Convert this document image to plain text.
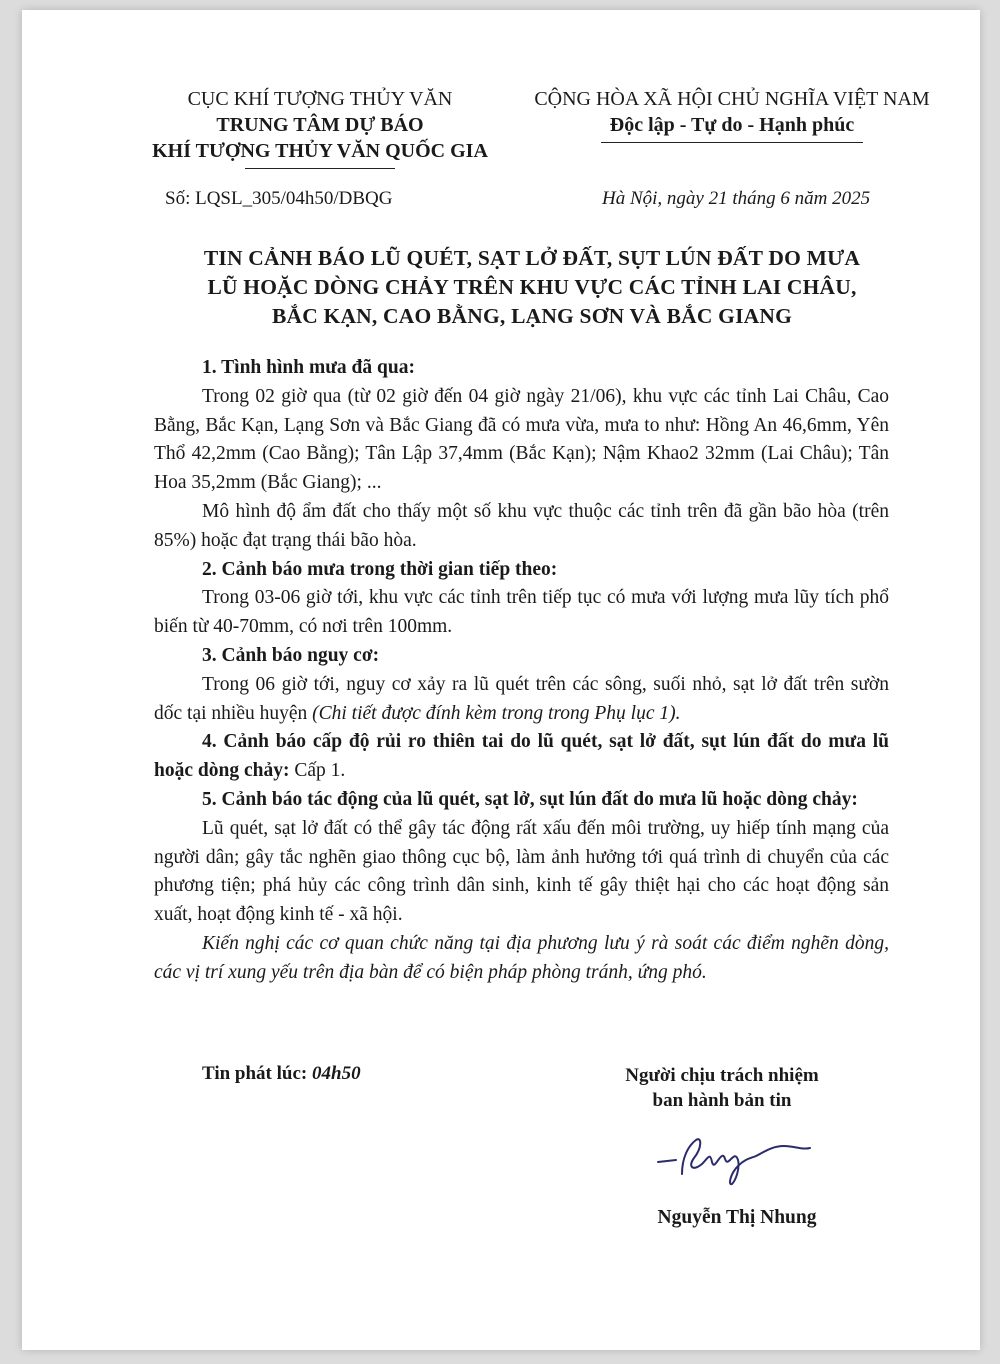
CỤC KHÍ TƯỢNG THỦY VĂN
TRUNG TÂM DỰ BÁO
KHÍ TƯỢNG THỦY VĂN QUỐC GIA
CỘNG HÒA XÃ HỘI CHỦ NGHĨA VIỆT NAM
Độc lập - Tự do - Hạnh phúc
Số: LQSL_305/04h50/DBQG	Hà Nội, ngày 21 tháng 6 năm 2025
TIN CẢNH BÁO LŨ QUÉT, SẠT LỞ ĐẤT, SỤT LÚN ĐẤT DO MƯA
LŨ HOẶC DÒNG CHẢY TRÊN KHU VỰC CÁC TỈNH LAI CHÂU,
BẮC KẠN, CAO BẰNG, LẠNG SƠN VÀ BẮC GIANG

1. Tình hình mưa đã qua:

Trong 02 giờ qua (từ 02 giờ đến 04 giờ ngày 21/06), khu vực các tỉnh Lai Châu, Cao Bằng, Bắc Kạn, Lạng Sơn và Bắc Giang đã có mưa vừa, mưa to như: Hồng An 46,6mm, Yên Thổ 42,2mm (Cao Bằng); Tân Lập 37,4mm (Bắc Kạn); Nậm Khao2 32mm (Lai Châu); Tân Hoa 35,2mm (Bắc Giang); ...

Mô hình độ ẩm đất cho thấy một số khu vực thuộc các tỉnh trên đã gần bão hòa (trên 85%) hoặc đạt trạng thái bão hòa.

2. Cảnh báo mưa trong thời gian tiếp theo:

Trong 03-06 giờ tới, khu vực các tỉnh trên tiếp tục có mưa với lượng mưa lũy tích phổ biến từ 40-70mm, có nơi trên 100mm.

3. Cảnh báo nguy cơ:

Trong 06 giờ tới, nguy cơ xảy ra lũ quét trên các sông, suối nhỏ, sạt lở đất trên sườn dốc tại nhiều huyện (Chi tiết được đính kèm trong trong Phụ lục 1).

4. Cảnh báo cấp độ rủi ro thiên tai do lũ quét, sạt lở đất, sụt lún đất do mưa lũ hoặc dòng chảy: Cấp 1.

5. Cảnh báo tác động của lũ quét, sạt lở, sụt lún đất do mưa lũ hoặc dòng chảy:

Lũ quét, sạt lở đất có thể gây tác động rất xấu đến môi trường, uy hiếp tính mạng của người dân; gây tắc nghẽn giao thông cục bộ, làm ảnh hưởng tới quá trình di chuyển của các phương tiện; phá hủy các công trình dân sinh, kinh tế gây thiệt hại cho các hoạt động sản xuất, hoạt động kinh tế - xã hội.

Kiến nghị các cơ quan chức năng tại địa phương lưu ý rà soát các điểm nghẽn dòng, các vị trí xung yếu trên địa bàn để có biện pháp phòng tránh, ứng phó.

Tin phát lúc: 04h50	Người chịu trách nhiệm
ban hành bản tin
Nguyễn Thị Nhung
